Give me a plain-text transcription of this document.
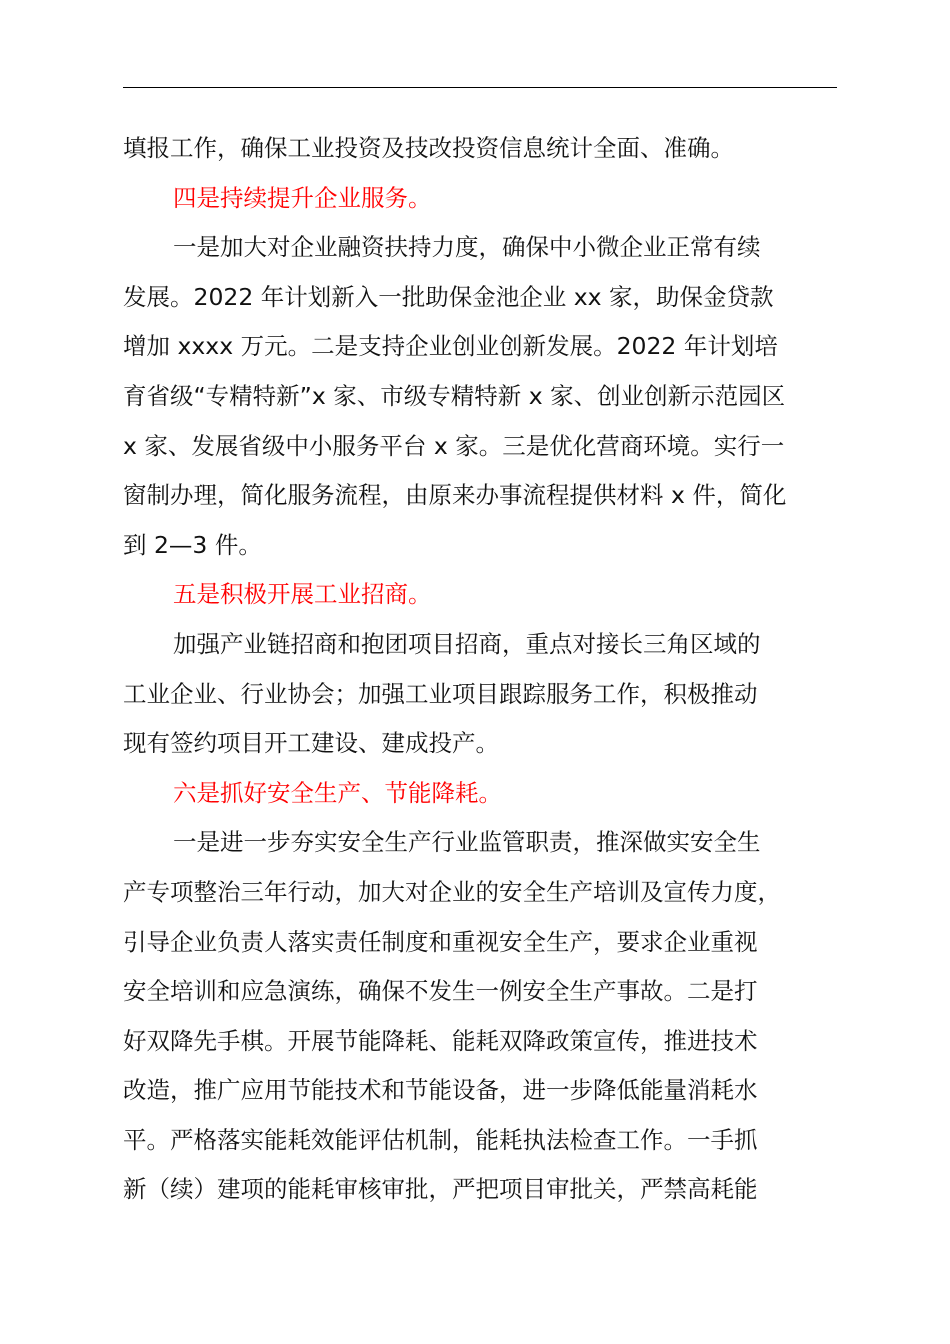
填报工作，确保工业投资及技改投资信息统计全面、准确。
四是持续提升企业服务。
一是加大对企业融资扶持力度，确保中小微企业正常有续
发展。2022 年计划新入一批助保金池企业 xx 家，助保金贷款
增加 xxxx 万元。二是支持企业创业创新发展。2022 年计划培
育省级“专精特新”x 家、市级专精特新 x 家、创业创新示范园区
x 家、发展省级中小服务平台 x 家。三是优化营商环境。实行一
窗制办理，简化服务流程，由原来办事流程提供材料 x 件，简化
到 2—3 件。
五是积极开展工业招商。
加强产业链招商和抱团项目招商，重点对接长三角区域的
工业企业、行业协会；加强工业项目跟踪服务工作，积极推动
现有签约项目开工建设、建成投产。
六是抓好安全生产、节能降耗。
一是进一步夯实安全生产行业监管职责，推深做实安全生
产专项整治三年行动，加大对企业的安全生产培训及宣传力度，
引导企业负责人落实责任制度和重视安全生产，要求企业重视
安全培训和应急演练，确保不发生一例安全生产事故。二是打
好双降先手棋。开展节能降耗、能耗双降政策宣传，推进技术
改造，推广应用节能技术和节能设备，进一步降低能量消耗水
平。严格落实能耗效能评估机制，能耗执法检查工作。一手抓
新（续）建项的能耗审核审批，严把项目审批关，严禁高耗能
